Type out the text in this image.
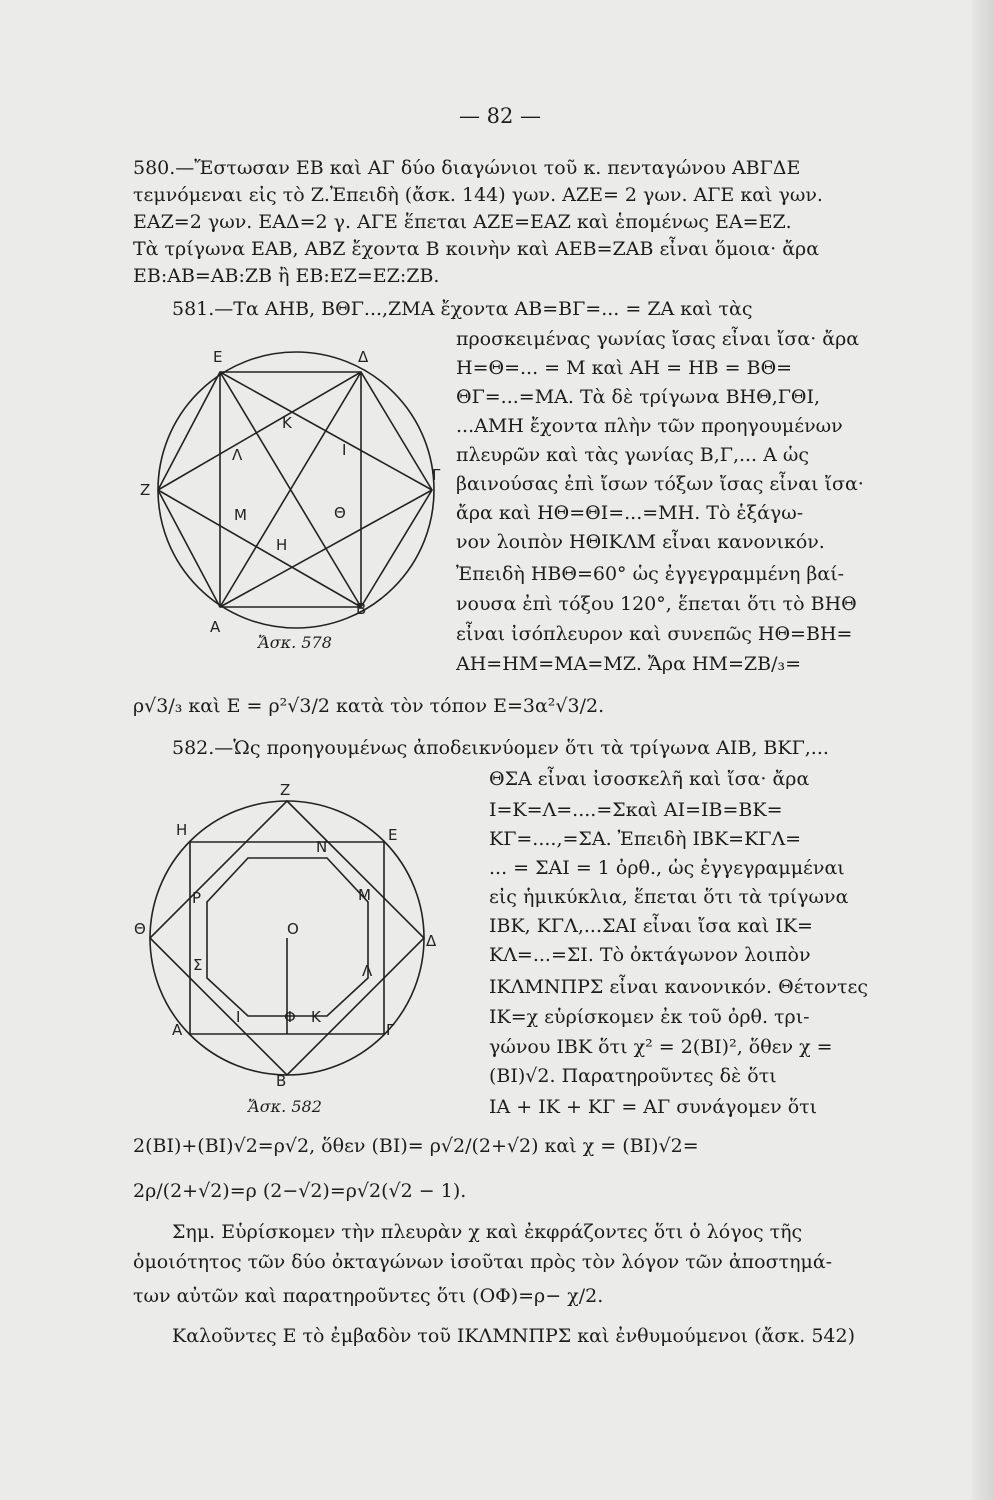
— 82 —
580.—Ἔστωσαν ΕΒ καὶ ΑΓ δύο διαγώνιοι τοῦ κ. πενταγώνου ΑΒΓΔΕ
τεμνόμεναι εἰς τὸ Ζ.Ἐπειδὴ (ἄσκ. 144) γων. ΑΖΕ= 2 γων. ΑΓΕ καὶ γων.
ΕΑΖ=2 γων. ΕΑΔ=2 γ. ΑΓΕ ἕπεται ΑΖΕ=ΕΑΖ καὶ ἑπομένως ΕΑ=ΕΖ.
Τὰ τρίγωνα ΕΑΒ, ΑΒΖ ἔχοντα Β κοινὴν καὶ ΑΕΒ=ΖΑΒ εἶναι ὅμοια· ἄρα
ΕΒ:ΑΒ=ΑΒ:ΖΒ ἢ ΕΒ:ΕΖ=ΕΖ:ΖΒ.
581.—Τα ΑΗΒ, ΒΘΓ...,ΖΜΑ ἔχοντα ΑΒ=ΒΓ=... = ΖΑ καὶ τὰς
προσκειμένας γωνίας ἴσας εἶναι ἴσα· ἄρα
Η=Θ=... = Μ καὶ ΑΗ = ΗΒ = ΒΘ=
ΘΓ=...=ΜΑ. Τὰ δὲ τρίγωνα ΒΗΘ,ΓΘΙ,
...ΑΜΗ ἔχοντα πλὴν τῶν προηγουμένων
πλευρῶν καὶ τὰς γωνίας Β,Γ,... Α ὡς
βαινούσας ἐπὶ ἴσων τόξων ἴσας εἶναι ἴσα·
ἄρα καὶ ΗΘ=ΘΙ=...=ΜΗ. Τὸ ἑξάγω-
νον λοιπὸν ΗΘΙΚΛΜ εἶναι κανονικόν.
Ἐπειδὴ ΗΒΘ=60° ὡς ἐγγεγραμμένη βαί-
νουσα ἐπὶ τόξου 120°, ἕπεται ὅτι τὸ ΒΗΘ
εἶναι ἰσόπλευρον καὶ συνεπῶς ΗΘ=ΒΗ=
ΑΗ=ΗΜ=ΜΑ=ΜΖ. Ἄρα ΗΜ=ΖΒ/₃=
ρ√3/₃ καὶ Ε = ρ²√3/2 κατὰ τὸν τόπον Ε=3α²√3/2.
582.—Ὡς προηγουμένως ἀποδεικνύομεν ὅτι τὰ τρίγωνα ΑΙΒ, ΒΚΓ,...
ΘΣΑ εἶναι ἰσοσκελῆ καὶ ἴσα· ἄρα
Ι=Κ=Λ=....=Σκαὶ ΑΙ=ΙΒ=ΒΚ=
ΚΓ=....,=ΣΑ. Ἐπειδὴ ΙΒΚ=ΚΓΛ=
... = ΣΑΙ = 1 ὀρθ., ὡς ἐγγεγραμμέναι
εἰς ἡμικύκλια, ἕπεται ὅτι τὰ τρίγωνα
ΙΒΚ, ΚΓΛ,...ΣΑΙ εἶναι ἴσα καὶ ΙΚ=
ΚΛ=...=ΣΙ. Τὸ ὀκτάγωνον λοιπὸν
ΙΚΛΜΝΠΡΣ εἶναι κανονικόν. Θέτοντες
ΙΚ=χ εὑρίσκομεν ἐκ τοῦ ὀρθ. τρι-
γώνου ΙΒΚ ὅτι χ² = 2(ΒΙ)², ὅθεν χ =
(ΒΙ)√2. Παρατηροῦντες δὲ ὅτι
ΙΑ + ΙΚ + ΚΓ = ΑΓ συνάγομεν ὅτι
2(ΒΙ)+(ΒΙ)√2=ρ√2, ὅθεν (ΒΙ)= ρ√2/(2+√2) καὶ χ = (ΒΙ)√2=
2ρ/(2+√2)=ρ (2−√2)=ρ√2(√2 − 1).
Σημ. Εὑρίσκομεν τὴν πλευρὰν χ καὶ ἐκφράζοντες ὅτι ὁ λόγος τῆς
ὁμοιότητος τῶν δύο ὀκταγώνων ἰσοῦται πρὸς τὸν λόγον τῶν ἀποστημά-
των αὐτῶν καὶ παρατηροῦντες ὅτι (ΟΦ)=ρ− χ/2.
Καλοῦντες Ε τὸ ἐμβαδὸν τοῦ ΙΚΛΜΝΠΡΣ καὶ ἐνθυμούμενοι (ἄσκ. 542)
Ε	Δ
Ζ
Γ
Α
Β
Κ
Λ	Ι
Μ	Θ
Η
Ἄσκ. 578
Ζ
Η	Ε
Ν
Ρ	Μ
Θ	Ο
Δ
Σ	Λ
Α
Ι	Φ Κ
Γ
Β
Ἄσκ. 582
